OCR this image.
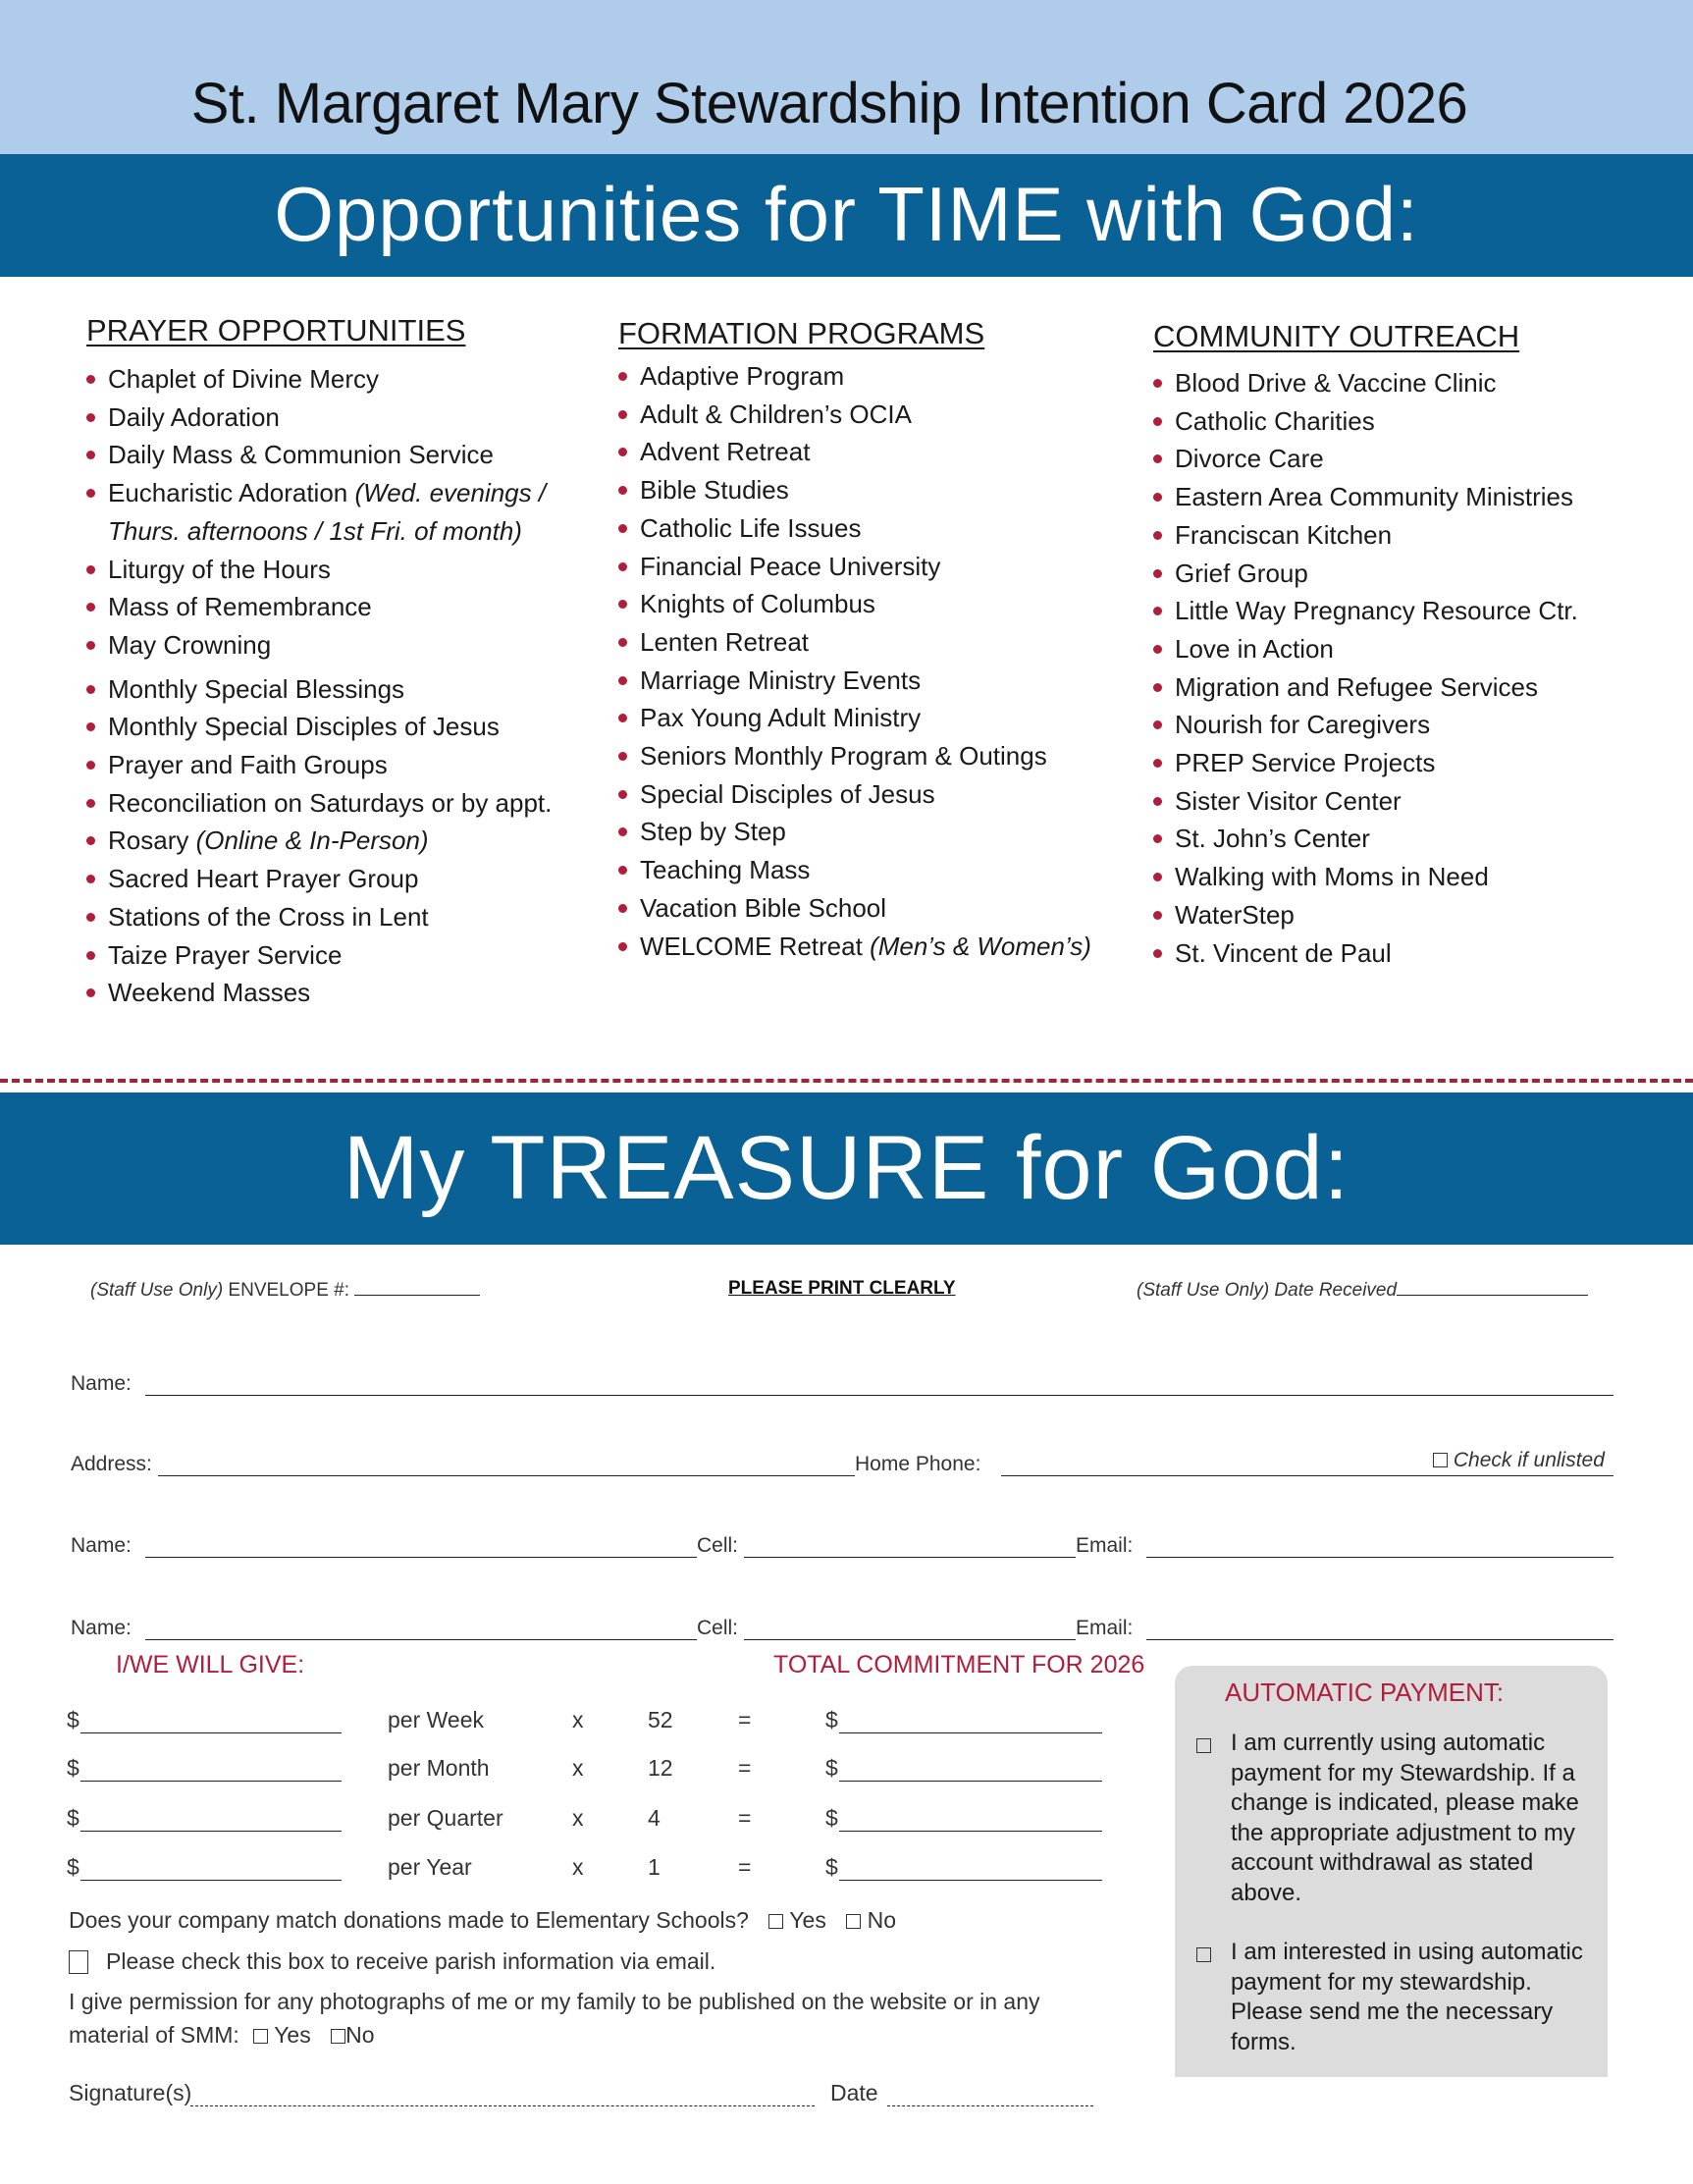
St. Margaret Mary Stewardship Intention Card 2026
Opportunities for TIME with God:
PRAYER OPPORTUNITIES
Chaplet of Divine Mercy
Daily Adoration
Daily Mass & Communion Service
Eucharistic Adoration (Wed. evenings /
Thurs. afternoons / 1st Fri. of month)
Liturgy of the Hours
Mass of Remembrance
May Crowning
Monthly Special Blessings
Monthly Special Disciples of Jesus
Prayer and Faith Groups
Reconciliation on Saturdays or by appt.
Rosary (Online & In-Person)
Sacred Heart Prayer Group
Stations of the Cross in Lent
Taize Prayer Service
Weekend Masses
FORMATION PROGRAMS
Adaptive Program
Adult & Children’s OCIA
Advent Retreat
Bible Studies
Catholic Life Issues
Financial Peace University
Knights of Columbus
Lenten Retreat
Marriage Ministry Events
Pax Young Adult Ministry
Seniors Monthly Program & Outings
Special Disciples of Jesus
Step by Step
Teaching Mass
Vacation Bible School
WELCOME Retreat (Men’s & Women’s)
COMMUNITY OUTREACH
Blood Drive & Vaccine Clinic
Catholic Charities
Divorce Care
Eastern Area Community Ministries
Franciscan Kitchen
Grief Group
Little Way Pregnancy Resource Ctr.
Love in Action
Migration and Refugee Services
Nourish for Caregivers
PREP Service Projects
Sister Visitor Center
St. John’s Center
Walking with Moms in Need
WaterStep
St. Vincent de Paul
My TREASURE for God:
(Staff Use Only) ENVELOPE #:	PLEASE PRINT CLEARLY	(Staff Use Only) Date Received
Name:
Address:	Home Phone:	Check if unlisted
Name:	Cell:	Email:
Name:	Cell:	Email:
I/WE WILL GIVE:	TOTAL COMMITMENT FOR 2026
$	per Week	x	52	=	$
$	per Month	x	12	=	$
$	per Quarter	x	4	=	$
$	per Year	x	1	=	$
AUTOMATIC PAYMENT:
I am currently using automatic payment for my Stewardship. If a change is indicated, please make the appropriate adjustment to my account withdrawal as stated above.
I am interested in using automatic payment for my stewardship. Please send me the necessary forms.
Does your company match donations made to Elementary Schools? Yes No
Please check this box to receive parish information via email.
I give permission for any photographs of me or my family to be published on the website or in any
material of SMM: Yes No
Signature(s)	Date
